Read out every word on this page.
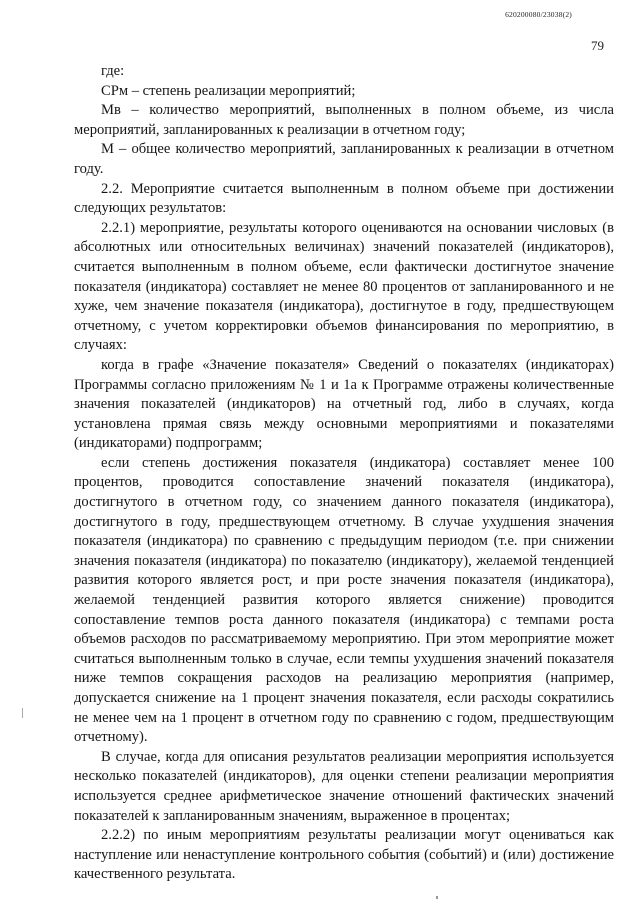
620200080/23038(2)
79

где:

СРм – степень реализации мероприятий;

Мв – количество мероприятий, выполненных в полном объеме, из числа мероприятий, запланированных к реализации в отчетном году;

М – общее количество мероприятий, запланированных к реализации в отчетном году.

2.2. Мероприятие считается выполненным в полном объеме при достижении следующих результатов:

2.2.1) мероприятие, результаты которого оцениваются на основании числовых (в абсолютных или относительных величинах) значений показателей (индикаторов), считается выполненным в полном объеме, если фактически достигнутое значение показателя (индикатора) составляет не менее 80 процентов от запланированного и не хуже, чем значение показателя (индикатора), достигнутое в году, предшествующем отчетному, с учетом корректировки объемов финансирования по мероприятию, в случаях:

когда в графе «Значение показателя» Сведений о показателях (индикаторах) Программы согласно приложениям № 1 и 1а к Программе отражены количественные значения показателей (индикаторов) на отчетный год, либо в случаях, когда установлена прямая связь между основными мероприятиями и показателями (индикаторами) подпрограмм;

если степень достижения показателя (индикатора) составляет менее 100 процентов, проводится сопоставление значений показателя (индикатора), достигнутого в отчетном году, со значением данного показателя (индикатора), достигнутого в году, предшествующем отчетному. В случае ухудшения значения показателя (индикатора) по сравнению с предыдущим периодом (т.е. при снижении значения показателя (индикатора) по показателю (индикатору), желаемой тенденцией развития которого является рост, и при росте значения показателя (индикатора), желаемой тенденцией развития которого является снижение) проводится сопоставление темпов роста данного показателя (индикатора) с темпами роста объемов расходов по рассматриваемому мероприятию. При этом мероприятие может считаться выполненным только в случае, если темпы ухудшения значений показателя ниже темпов сокращения расходов на реализацию мероприятия (например, допускается снижение на 1 процент значения показателя, если расходы сократились не менее чем на 1 процент в отчетном году по сравнению с годом, предшествующим отчетному).

В случае, когда для описания результатов реализации мероприятия используется несколько показателей (индикаторов), для оценки степени реализации мероприятия используется среднее арифметическое значение отношений фактических значений показателей к запланированным значениям, выраженное в процентах;

2.2.2) по иным мероприятиям результаты реализации могут оцениваться как наступление или ненаступление контрольного события (событий) и (или) достижение качественного результата.
